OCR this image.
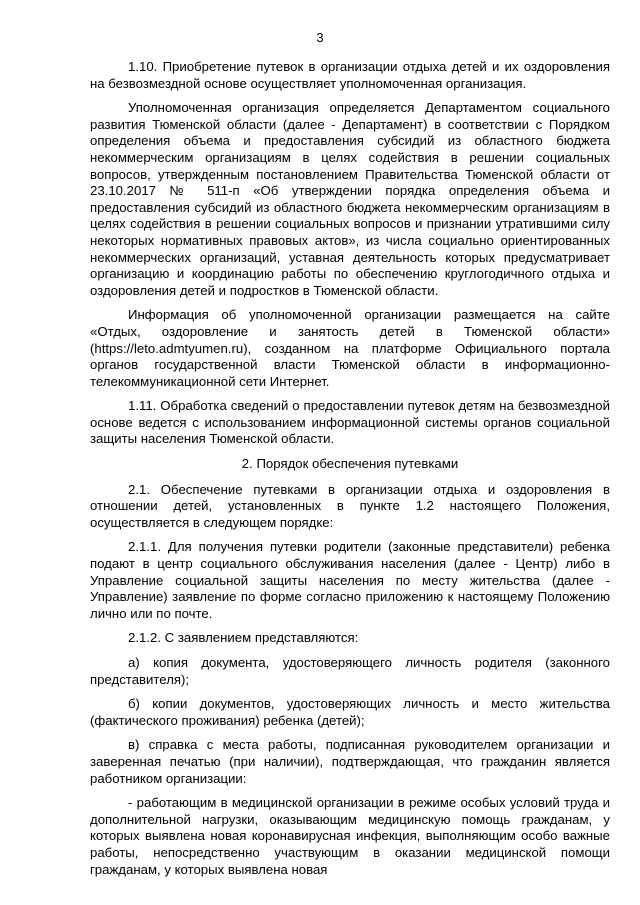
3

1.10. Приобретение путевок в организации отдыха детей и их оздоровления на безвозмездной основе осуществляет уполномоченная организация.

Уполномоченная организация определяется Департаментом социального развития Тюменской области (далее - Департамент) в соответствии с Порядком определения объема и предоставления субсидий из областного бюджета некоммерческим организациям в целях содействия в решении социальных вопросов, утвержденным постановлением Правительства Тюменской области от 23.10.2017 № 511-п «Об утверждении порядка определения объема и предоставления субсидий из областного бюджета некоммерческим организациям в целях содействия в решении социальных вопросов и признании утратившими силу некоторых нормативных правовых актов», из числа социально ориентированных некоммерческих организаций, уставная деятельность которых предусматривает организацию и координацию работы по обеспечению круглогодичного отдыха и оздоровления детей и подростков в Тюменской области.

Информация об уполномоченной организации размещается на сайте «Отдых, оздоровление и занятость детей в Тюменской области» (https://leto.admtyumen.ru), созданном на платформе Официального портала органов государственной власти Тюменской области в информационно-телекоммуникационной сети Интернет.

1.11. Обработка сведений о предоставлении путевок детям на безвозмездной основе ведется с использованием информационной системы органов социальной защиты населения Тюменской области.

2. Порядок обеспечения путевками

2.1. Обеспечение путевками в организации отдыха и оздоровления в отношении детей, установленных в пункте 1.2 настоящего Положения, осуществляется в следующем порядке:

2.1.1. Для получения путевки родители (законные представители) ребенка подают в центр социального обслуживания населения (далее - Центр) либо в Управление социальной защиты населения по месту жительства (далее - Управление) заявление по форме согласно приложению к настоящему Положению лично или по почте.

2.1.2. С заявлением представляются:

а) копия документа, удостоверяющего личность родителя (законного представителя);

б) копии документов, удостоверяющих личность и место жительства (фактического проживания) ребенка (детей);

в) справка с места работы, подписанная руководителем организации и заверенная печатью (при наличии), подтверждающая, что гражданин является работником организации:

- работающим в медицинской организации в режиме особых условий труда и дополнительной нагрузки, оказывающим медицинскую помощь гражданам, у которых выявлена новая коронавирусная инфекция, выполняющим особо важные работы, непосредственно участвующим в оказании медицинской помощи гражданам, у которых выявлена новая
